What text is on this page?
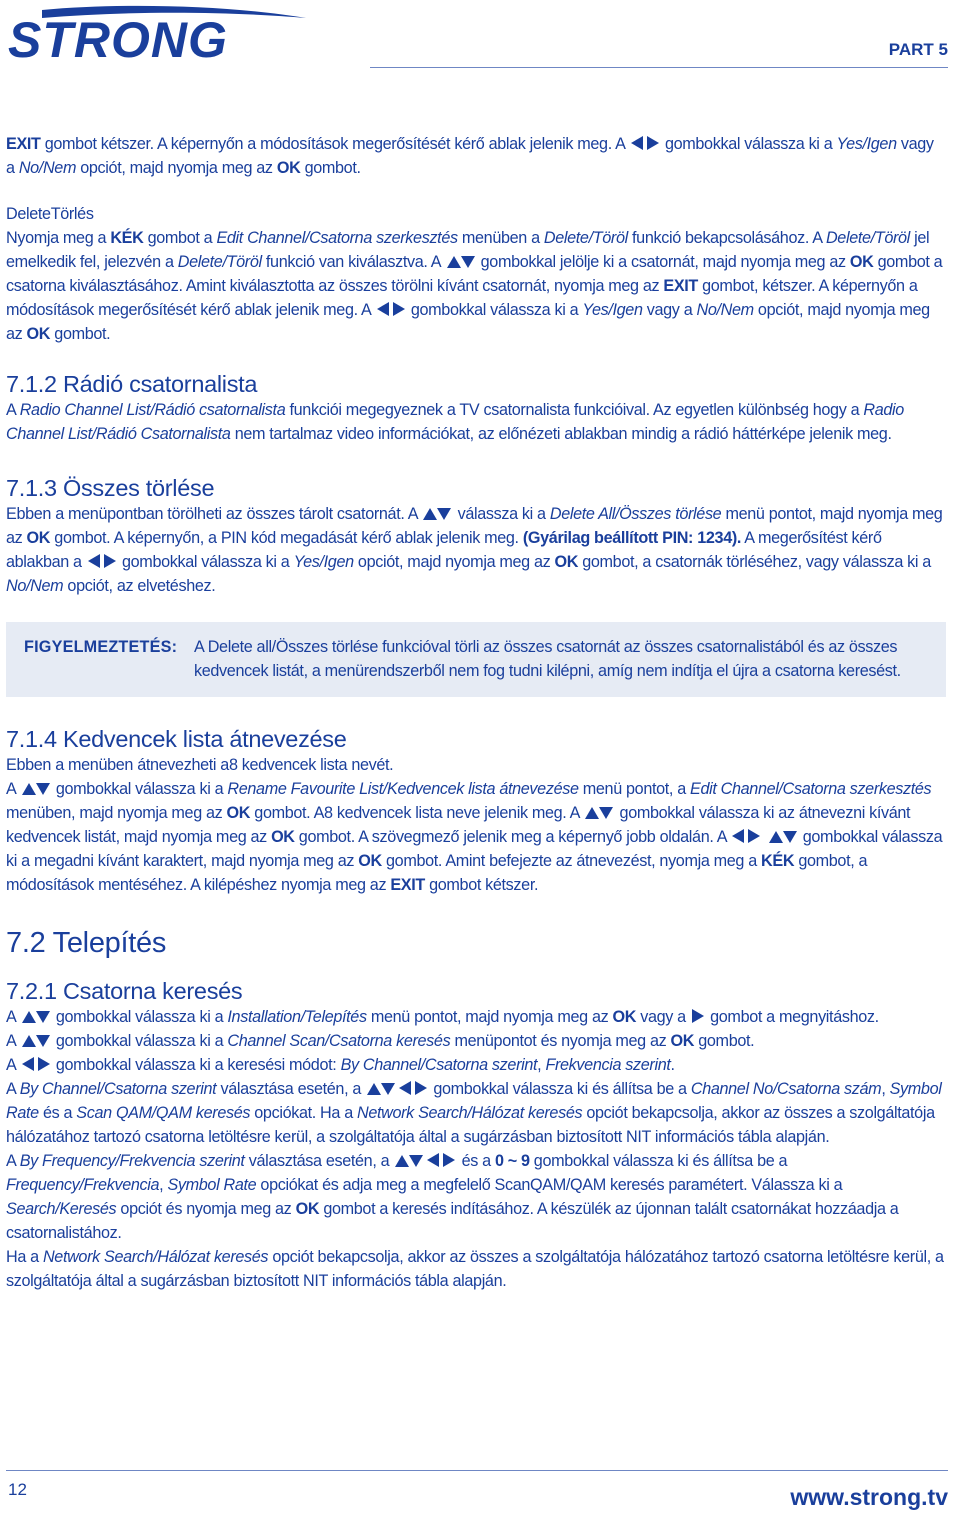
STRONG	PART 5

EXIT gombot kétszer. A képernyőn a módosítások megerősítését kérő ablak jelenik meg. A  gombokkal válassza ki a Yes/Igen vagy a No/Nem opciót, majd nyomja meg az OK gombot.

DeleteTörlés

Nyomja meg a KÉK gombot a Edit Channel/Csatorna szerkesztés menüben a Delete/Töröl funkció bekapcsolásához. A Delete/Töröl jel emelkedik fel, jelezvén a Delete/Töröl funkció van kiválasztva. A  gombokkal jelölje ki a csatornát, majd nyomja meg az OK gombot a csatorna kiválasztásához. Amint kiválasztotta az összes törölni kívánt csatornát, nyomja meg az EXIT gombot, kétszer. A képernyőn a módosítások megerősítését kérő ablak jelenik meg. A  gombokkal válassza ki a Yes/Igen vagy a No/Nem opciót, majd nyomja meg az OK gombot.

7.1.2 Rádió csatornalista

A Radio Channel List/Rádió csatornalista funkciói megegyeznek a TV csatornalista funkcióival. Az egyetlen különbség hogy a Radio Channel List/Rádió Csatornalista nem tartalmaz video információkat, az előnézeti ablakban mindig a rádió háttérképe jelenik meg.

7.1.3 Összes törlése

Ebben a menüpontban törölheti az összes tárolt csatornát. A  válassza ki a Delete All/Összes törlése menü pontot, majd nyomja meg az OK gombot. A képernyőn, a PIN kód megadását kérő ablak jelenik meg. (Gyárilag beállított PIN: 1234). A megerősítést kérő ablakban a  gombokkal válassza ki a Yes/Igen opciót, majd nyomja meg az OK gombot, a csatornák törléséhez, vagy válassza ki a No/Nem opciót, az elvetéshez.

FIGYELMEZTETÉS:	A Delete all/Összes törlése funkcióval törli az összes csatornát az összes csatornalistából és az összes kedvencek listát, a menürendszerből nem fog tudni kilépni, amíg nem indítja el újra a csatorna keresést.
7.1.4 Kedvencek lista átnevezése

Ebben a menüben átnevezheti a8 kedvencek lista nevét.

A  gombokkal válassza ki a Rename Favourite List/Kedvencek lista átnevezése menü pontot, a Edit Channel/Csatorna szerkesztés menüben, majd nyomja meg az OK gombot. A8 kedvencek lista neve jelenik meg. A  gombokkal válassza ki az átnevezni kívánt kedvencek listát, majd nyomja meg az OK gombot. A szövegmező jelenik meg a képernyő jobb oldalán. A	gombokkal válassza ki a megadni kívánt karaktert, majd nyomja meg az OK gombot. Amint befejezte az átnevezést, nyomja meg a KÉK gombot, a módosítások mentéséhez. A kilépéshez nyomja meg az EXIT gombot kétszer.

7.2 Telepítés
7.2.1 Csatorna keresés

A  gombokkal válassza ki a Installation/Telepítés menü pontot, majd nyomja meg az OK vagy a  gombot a megnyitáshoz.

A  gombokkal válassza ki a Channel Scan/Csatorna keresés menüpontot és nyomja meg az OK gombot.

A  gombokkal válassza ki a keresési módot: By Channel/Csatorna szerint, Frekvencia szerint.

A By Channel/Csatorna szerint választása esetén, a	gombokkal válassza ki és állítsa be a Channel No/Csatorna szám, Symbol Rate és a Scan QAM/QAM keresés opciókat. Ha a Network Search/Hálózat keresés opciót bekapcsolja, akkor az összes a szolgáltatója hálózatához tartozó csatorna letöltésre kerül, a szolgáltatója által a sugárzásban biztosított NIT információs tábla alapján.

A By Frequency/Frekvencia szerint választása esetén, a	és a 0 ~ 9 gombokkal válassza ki és állítsa be a Frequency/Frekvencia, Symbol Rate opciókat és adja meg a megfelelő ScanQAM/QAM keresés paramétert. Válassza ki a Search/Keresés opciót és nyomja meg az OK gombot a keresés indításához. A készülék az újonnan talált csatornákat hozzáadja a csatornalistához.

Ha a Network Search/Hálózat keresés opciót bekapcsolja, akkor az összes a szolgáltatója hálózatához tartozó csatorna letöltésre kerül, a szolgáltatója által a sugárzásban biztosított NIT információs tábla alapján.

12	www.strong.tv
